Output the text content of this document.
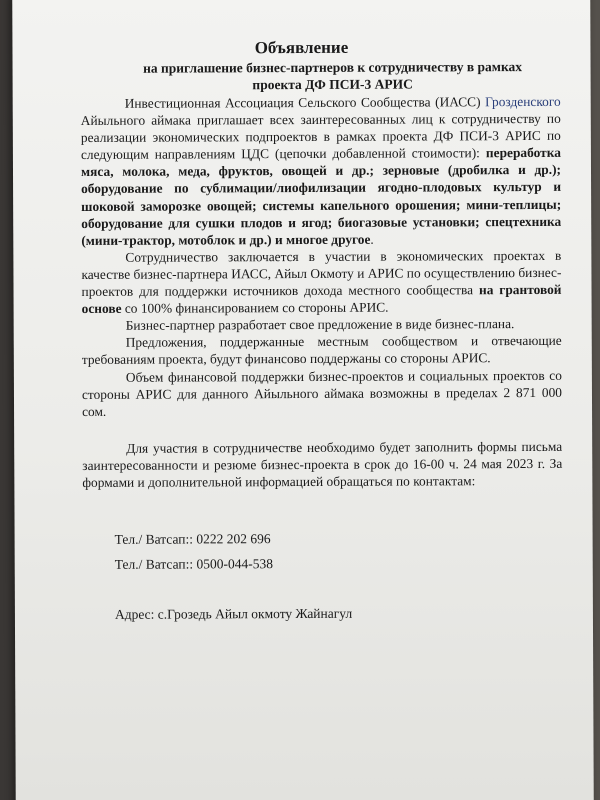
Объявление
на приглашение бизнес-партнеров к сотрудничеству в рамках
проекта ДФ ПСИ-3 АРИС

Инвестиционная Ассоциация Сельского Сообщества (ИАСС) Грозденского Айыльного аймака приглашает всех заинтересованных лиц к сотрудничеству по реализации экономических подпроектов в рамках проекта ДФ ПСИ-3 АРИС по следующим направлениям ЦДС (цепочки добавленной стоимости): переработка мяса, молока, меда, фруктов, овощей и др.; зерновые (дробилка и др.); оборудование по сублимации/лиофилизации ягодно-плодовых культур и шоковой заморозке овощей; системы капельного орошения; мини-теплицы; оборудование для сушки плодов и ягод; биогазовые установки; спецтехника (мини-трактор, мотоблок и др.) и многое другое.

Сотрудничество заключается в участии в экономических проектах в качестве бизнес-партнера ИАСС, Айыл Окмоту и АРИС по осуществлению бизнес-проектов для поддержки источников дохода местного сообщества на грантовой основе со 100% финансированием со стороны АРИС.

Бизнес-партнер разработает свое предложение в виде бизнес-плана.

Предложения, поддержанные местным сообществом и отвечающие требованиям проекта, будут финансово поддержаны со стороны АРИС.

Объем финансовой поддержки бизнес-проектов и социальных проектов со стороны АРИС для данного Айыльного аймака возможны в пределах 2 871 000 сом.

Для участия в сотрудничестве необходимо будет заполнить формы письма заинтересованности и резюме бизнес-проекта в срок до 16-00 ч. 24 мая 2023 г. За формами и дополнительной информацией обращаться по контактам:

Тел./ Ватсап:: 0222 202 696
Тел./ Ватсап:: 0500-044-538
Адрес: с.Грозедь Айыл окмоту Жайнагул
